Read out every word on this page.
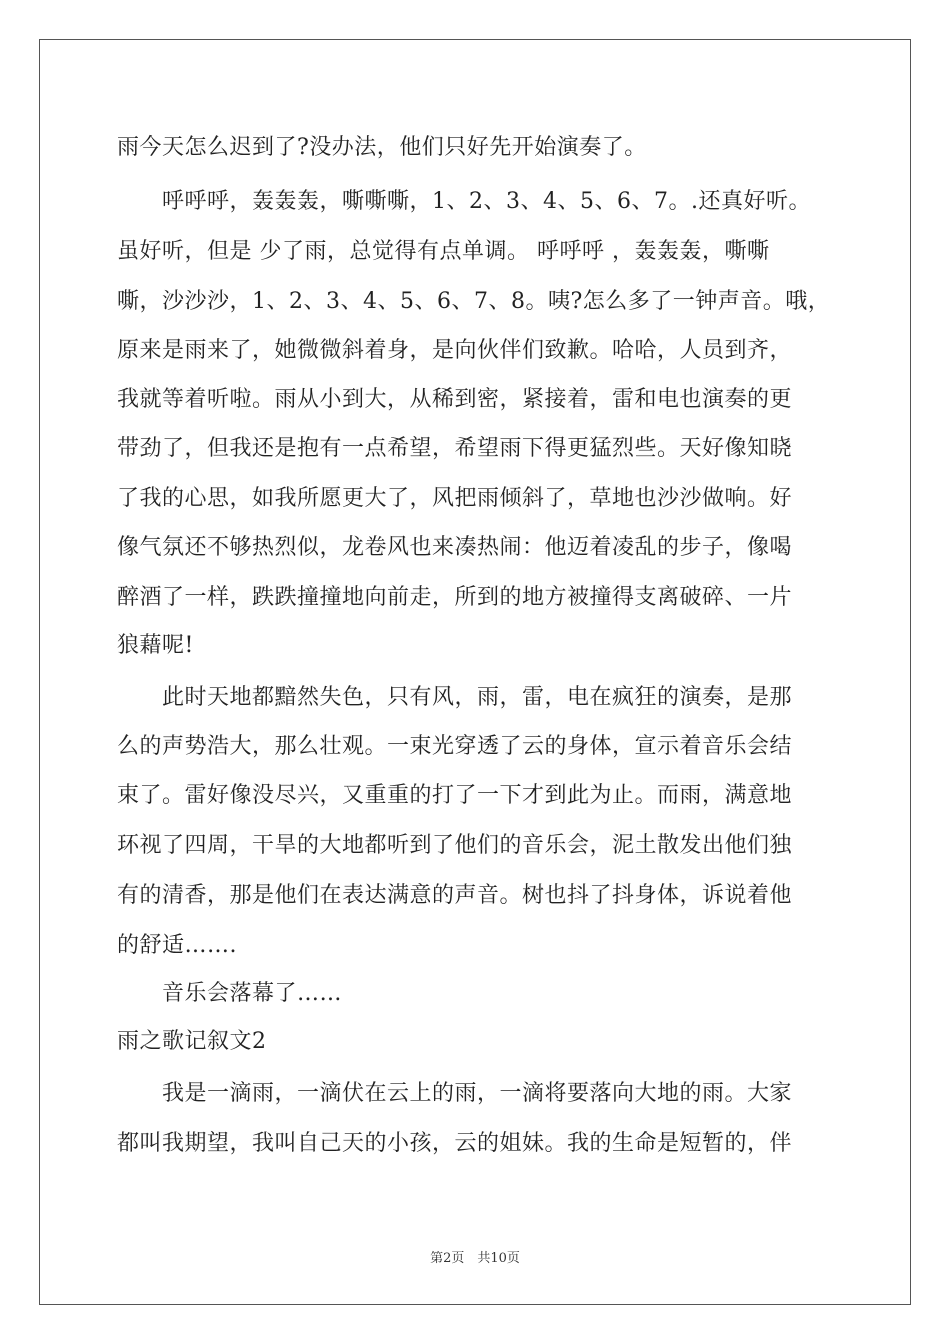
雨今天怎么迟到了?没办法，他们只好先开始演奏了。
　　呼呼呼，轰轰轰，嘶嘶嘶，1、2、3、4、5、6、7。.还真好听。
虽好听，但是 少了雨，总觉得有点单调。 呼呼呼 ，轰轰轰，嘶嘶
嘶，沙沙沙，1、2、3、4、5、6、7、8。咦?怎么多了一钟声音。哦，
原来是雨来了，她微微斜着身，是向伙伴们致歉。哈哈，人员到齐，
我就等着听啦。雨从小到大，从稀到密，紧接着，雷和电也演奏的更
带劲了，但我还是抱有一点希望，希望雨下得更猛烈些。天好像知晓
了我的心思，如我所愿更大了，风把雨倾斜了，草地也沙沙做响。好
像气氛还不够热烈似，龙卷风也来凑热闹：他迈着凌乱的步子，像喝
醉酒了一样，跌跌撞撞地向前走，所到的地方被撞得支离破碎、一片
狼藉呢!
　　此时天地都黯然失色，只有风，雨，雷，电在疯狂的演奏，是那
么的声势浩大，那么壮观。一束光穿透了云的身体，宣示着音乐会结
束了。雷好像没尽兴，又重重的打了一下才到此为止。而雨，满意地
环视了四周，干旱的大地都听到了他们的音乐会，泥土散发出他们独
有的清香，那是他们在表达满意的声音。树也抖了抖身体，诉说着他
的舒适…….
　　音乐会落幕了……
雨之歌记叙文2
　　我是一滴雨，一滴伏在云上的雨，一滴将要落向大地的雨。大家
都叫我期望，我叫自己天的小孩，云的姐妹。我的生命是短暂的，伴
第2页　共10页
